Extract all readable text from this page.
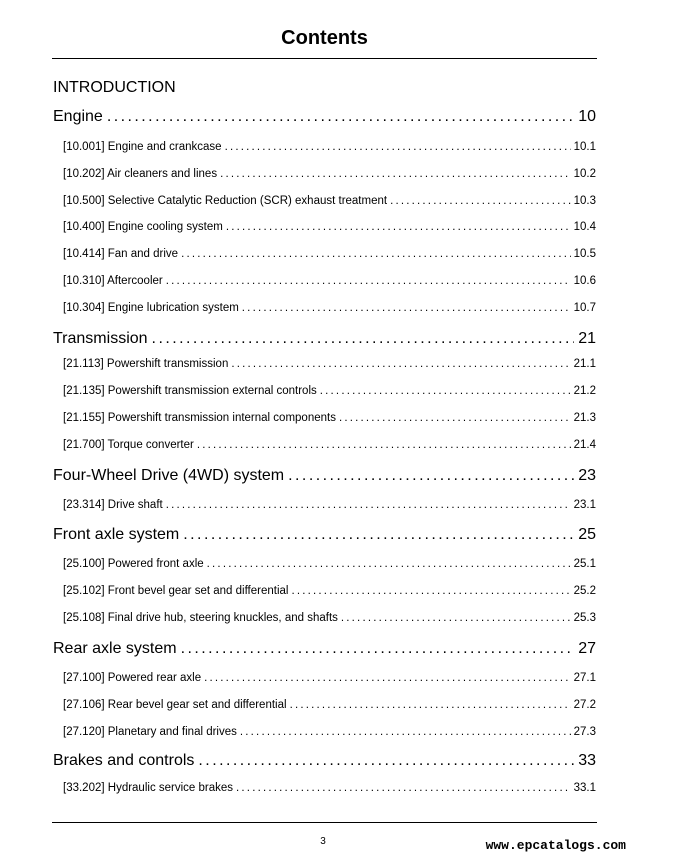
Contents
INTRODUCTION
Engine . . .	10
[10.001] Engine and crankcase . . .	10.1
[10.202] Air cleaners and lines . . .	10.2
[10.500] Selective Catalytic Reduction (SCR) exhaust treatment . . .	10.3
[10.400] Engine cooling system . . .	10.4
[10.414] Fan and drive . . .	10.5
[10.310] Aftercooler . . .	10.6
[10.304] Engine lubrication system . . .	10.7
Transmission . . .	21
[21.113] Powershift transmission . . .	21.1
[21.135] Powershift transmission external controls . . .	21.2
[21.155] Powershift transmission internal components . . .	21.3
[21.700] Torque converter . . .	21.4
Four-Wheel Drive (4WD) system . . .	23
[23.314] Drive shaft . . .	23.1
Front axle system . . .	25
[25.100] Powered front axle . . .	25.1
[25.102] Front bevel gear set and differential . . .	25.2
[25.108] Final drive hub, steering knuckles, and shafts . . .	25.3
Rear axle system . . .	27
[27.100] Powered rear axle . . .	27.1
[27.106] Rear bevel gear set and differential . . .	27.2
[27.120] Planetary and final drives . . .	27.3
Brakes and controls . . .	33
[33.202] Hydraulic service brakes . . .	33.1
3	www.epcatalogs.com
